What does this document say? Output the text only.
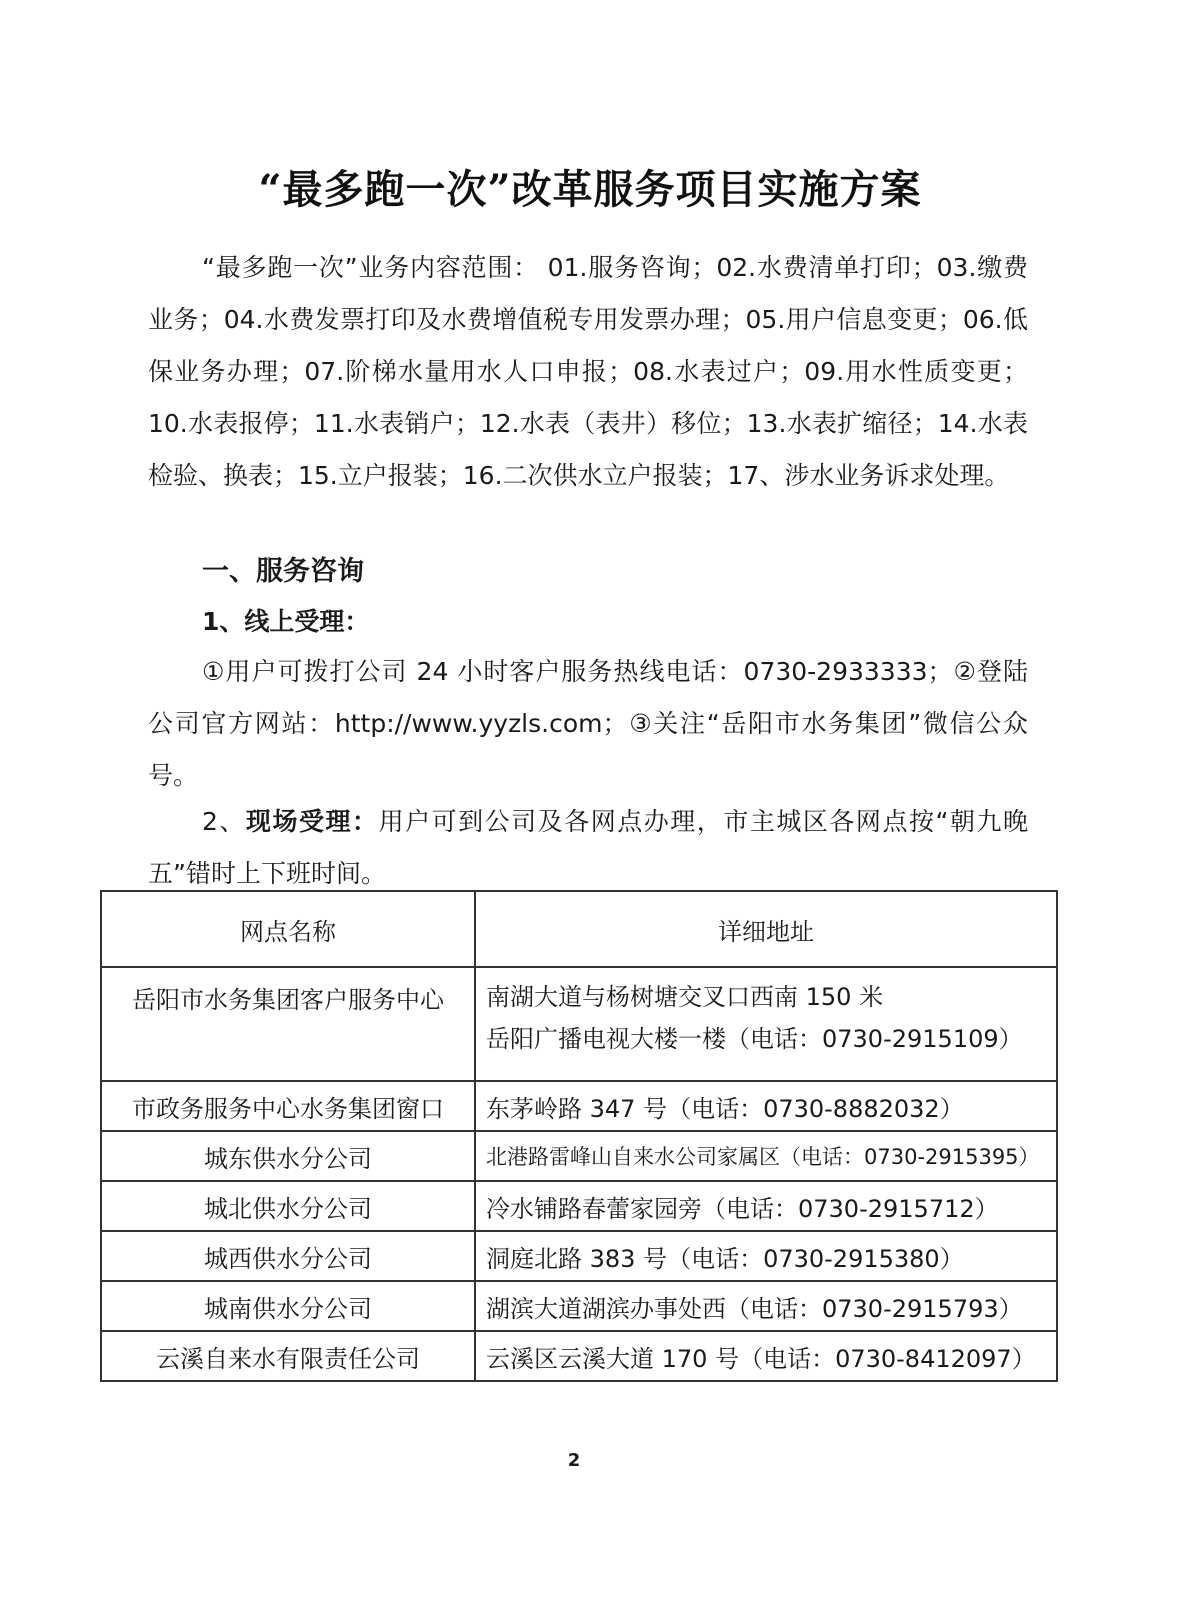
“最多跑一次”改革服务项目实施方案
“最多跑一次”业务内容范围： 01.服务咨询；02.水费清单打印；03.缴费业务；04.水费发票打印及水费增值税专用发票办理；05.用户信息变更；06.低保业务办理；07.阶梯水量用水人口申报；08.水表过户；09.用水性质变更；10.水表报停；11.水表销户；12.水表（表井）移位；13.水表扩缩径；14.水表检验、换表；15.立户报装；16.二次供水立户报装；17、涉水业务诉求处理。
一、服务咨询
1、线上受理：
①用户可拨打公司 24 小时客户服务热线电话：0730-2933333；②登陆公司官方网站：http://www.yyzls.com；③关注“岳阳市水务集团”微信公众号。
2、现场受理：用户可到公司及各网点办理，市主城区各网点按“朝九晚五”错时上下班时间。
网点名称	详细地址
岳阳市水务集团客户服务中心	南湖大道与杨树塘交叉口西南 150 米
岳阳广播电视大楼一楼（电话：0730-2915109）

市政务服务中心水务集团窗口	东茅岭路 347 号（电话：0730-8882032）
城东供水分公司	北港路雷峰山自来水公司家属区（电话：0730-2915395）
城北供水分公司	冷水铺路春蕾家园旁（电话：0730-2915712）
城西供水分公司	洞庭北路 383 号（电话：0730-2915380）
城南供水分公司	湖滨大道湖滨办事处西（电话：0730-2915793）
云溪自来水有限责任公司	云溪区云溪大道 170 号（电话：0730-8412097）
2
